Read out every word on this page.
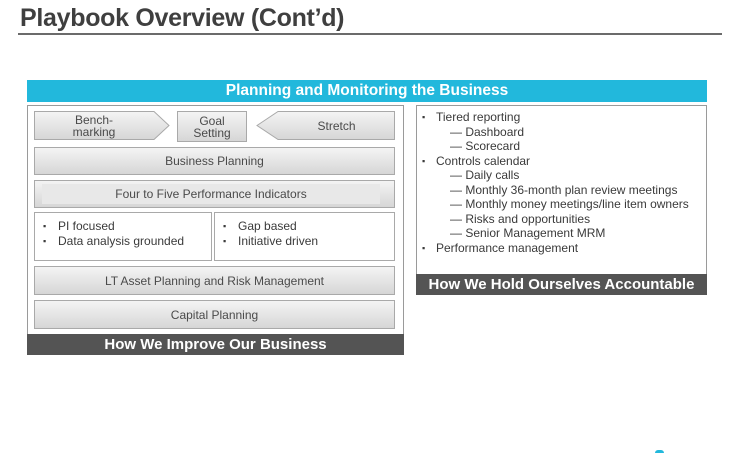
Playbook Overview (Cont’d)
Planning and Monitoring the Business
Bench-
marking
Goal
Setting	Stretch
Business Planning
Four to Five Performance Indicators
▪ PI focused
▪ Data analysis grounded
▪ Gap based
▪ Initiative driven
LT Asset Planning and Risk Management
Capital Planning
How We Improve Our Business
▪ Tiered reporting
— Dashboard
— Scorecard
▪ Controls calendar
— Daily calls
— Monthly 36-month plan review meetings
— Monthly money meetings/line item owners
— Risks and opportunities
— Senior Management MRM
▪ Performance management
How We Hold Ourselves Accountable
